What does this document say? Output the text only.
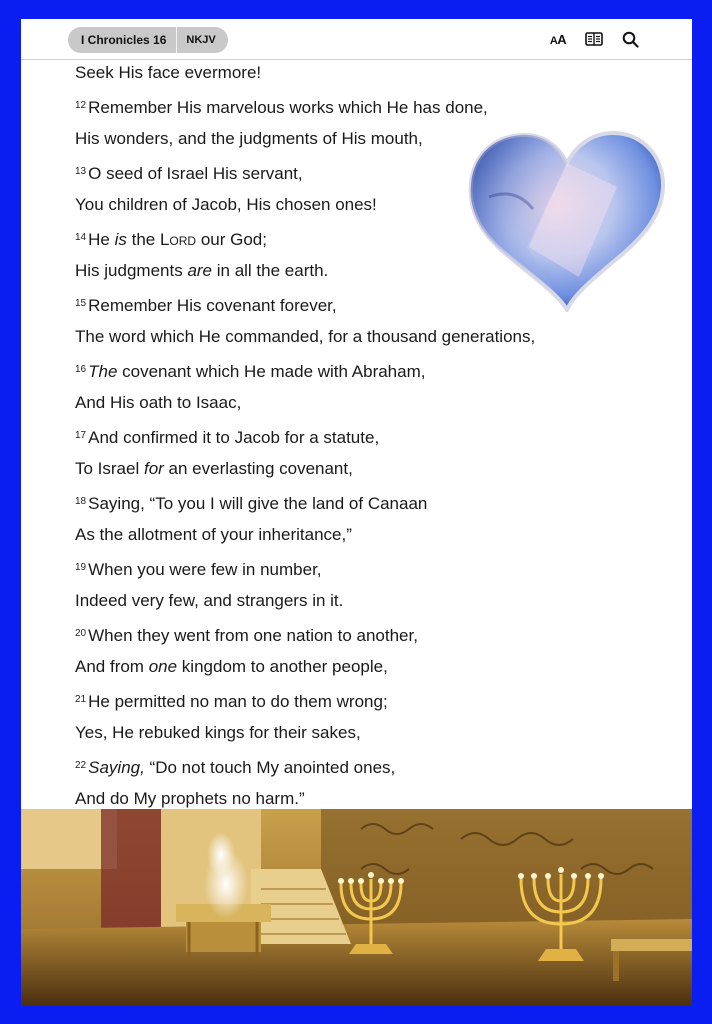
I Chronicles 16	NKJV	AA
Seek His face evermore!
$^{12}$ Remember His marvelous works which He has done,
His wonders, and the judgments of His mouth,
$^{13}$ O seed of Israel His servant,
You children of Jacob, His chosen ones!
$^{14}$ He is the Lord our God;
His judgments are in all the earth.
$^{15}$ Remember His covenant forever,
The word which He commanded, for a thousand generations,
$^{16}$ The covenant which He made with Abraham,
And His oath to Isaac,
$^{17}$ And confirmed it to Jacob for a statute,
To Israel for an everlasting covenant,
$^{18}$ Saying, “To you I will give the land of Canaan
As the allotment of your inheritance,”
$^{19}$ When you were few in number,
Indeed very few, and strangers in it.
$^{20}$ When they went from one nation to another,
And from one kingdom to another people,
$^{21}$ He permitted no man to do them wrong;
Yes, He rebuked kings for their sakes,
$^{22}$ Saying, “Do not touch My anointed ones,
And do My prophets no harm.”
